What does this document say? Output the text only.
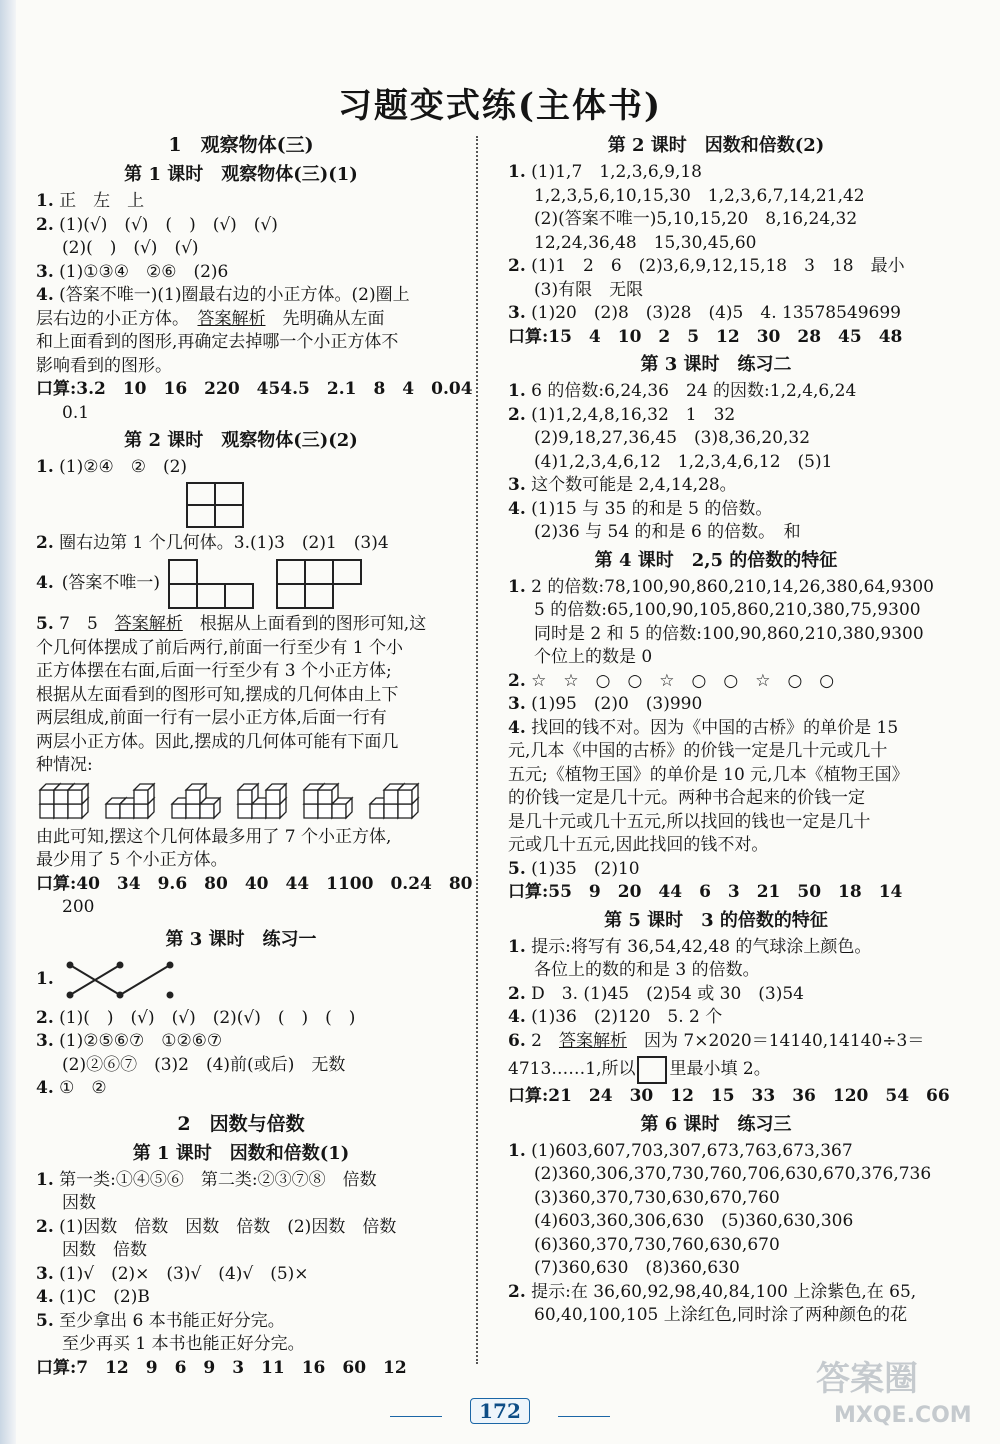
习题变式练(主体书)
1　观察物体(三)
第 1 课时　观察物体(三)(1)

1. 正　左　上

2. (1)(√)　(√)　(　)　(√)　(√)

(2)(　)　(√)　(√)

3. (1)①③④　②⑥　(2)6

4. (答案不唯一)(1)圈最右边的小正方体。(2)圈上

层右边的小正方体。　 答案解析　 先明确从左面

和上面看到的图形,再确定去掉哪一个小正方体不

影响看到的图形。

口算:3.2　10　16　220　454.5　2.1　8　4　0.04

0.1

第 2 课时　观察物体(三)(2)

1. (1)②④　②　(2)

2. 圈右边第 1 个几何体。3.(1)3　(2)1　(3)4

4. (答案不唯一)

5. 7　5　 答案解析　 根据从上面看到的图形可知,这

个几何体摆成了前后两行,前面一行至少有 1 个小

正方体摆在右面,后面一行至少有 3 个小正方体;

根据从左面看到的图形可知,摆成的几何体由上下

两层组成,前面一行有一层小正方体,后面一行有

两层小正方体。因此,摆成的几何体可能有下面几

种情况:

由此可知,摆这个几何体最多用了 7 个小正方体,

最少用了 5 个小正方体。

口算:40　34　9.6　80　40　44　1100　0.24　80

200

第 3 课时　练习一
1.

2. (1)(　)　(√)　(√)　(2)(√)　(　)　(　)

3. (1)②⑤⑥⑦　①②⑥⑦

(2)②⑥⑦　(3)2　(4)前(或后)　无数

4. ①　②

2　因数与倍数
第 1 课时　因数和倍数(1)

1. 第一类:①④⑤⑥　第二类:②③⑦⑧　倍数

因数

2. (1)因数　倍数　因数　倍数　(2)因数　倍数

因数　倍数

3. (1)√　(2)×　(3)√　(4)√　(5)×

4. (1)C　(2)B

5. 至少拿出 6 本书能正好分完。

至少再买 1 本书也能正好分完。

口算:7　12　9　6　9　3　11　16　60　12

第 2 课时　因数和倍数(2)

1. (1)1,7　1,2,3,6,9,18

1,2,3,5,6,10,15,30　1,2,3,6,7,14,21,42

(2)(答案不唯一)5,10,15,20　8,16,24,32

12,24,36,48　15,30,45,60

2. (1)1　2　6　(2)3,6,9,12,15,18　3　18　最小

(3)有限　无限

3. (1)20　(2)8　(3)28　(4)5　4. 13578549699

口算:15　4　10　2　5　12　30　28　45　48

第 3 课时　练习二

1. 6 的倍数:6,24,36　24 的因数:1,2,4,6,24

2. (1)1,2,4,8,16,32　1　32

(2)9,18,27,36,45　(3)8,36,20,32

(4)1,2,3,4,6,12　1,2,3,4,6,12　(5)1

3. 这个数可能是 2,4,14,28。

4. (1)15 与 35 的和是 5 的倍数。

(2)36 与 54 的和是 6 的倍数。　和

第 4 课时　2,5 的倍数的特征

1. 2 的倍数:78,100,90,860,210,14,26,380,64,9300

5 的倍数:65,100,90,105,860,210,380,75,9300

同时是 2 和 5 的倍数:100,90,860,210,380,9300

个位上的数是 0

2. ☆　☆　○　○　☆　○　○　☆　○　○

3. (1)95　(2)0　(3)990

4. 找回的钱不对。因为《中国的古桥》的单价是 15

元,几本《中国的古桥》的价钱一定是几十元或几十

五元;《植物王国》的单价是 10 元,几本《植物王国》

的价钱一定是几十元。两种书合起来的价钱一定

是几十元或几十五元,所以找回的钱也一定是几十

元或几十五元,因此找回的钱不对。

5. (1)35　(2)10

口算:55　9　20　44　6　3　21　50　18　14

第 5 课时　3 的倍数的特征

1. 提示:将写有 36,54,42,48 的气球涂上颜色。

各位上的数的和是 3 的倍数。

2. D　3. (1)45　(2)54 或 30　(3)54

4. (1)36　(2)120　5. 2 个

6. 2　 答案解析　 因为 7×2020＝14140,14140÷3＝

4713……1,所以 里最小填 2。

口算:21　24　30　12　15　33　36　120　54　66

第 6 课时　练习三

1. (1)603,607,703,307,673,763,673,367

(2)360,306,370,730,760,706,630,670,376,736

(3)360,370,730,630,670,760

(4)603,360,306,630　(5)360,630,306

(6)360,370,730,760,630,670

(7)360,630　(8)360,630

2. 提示:在 36,60,92,98,40,84,100 上涂紫色,在 65,

60,40,100,105 上涂红色,同时涂了两种颜色的花

172
答案圈
MXQE.COM
